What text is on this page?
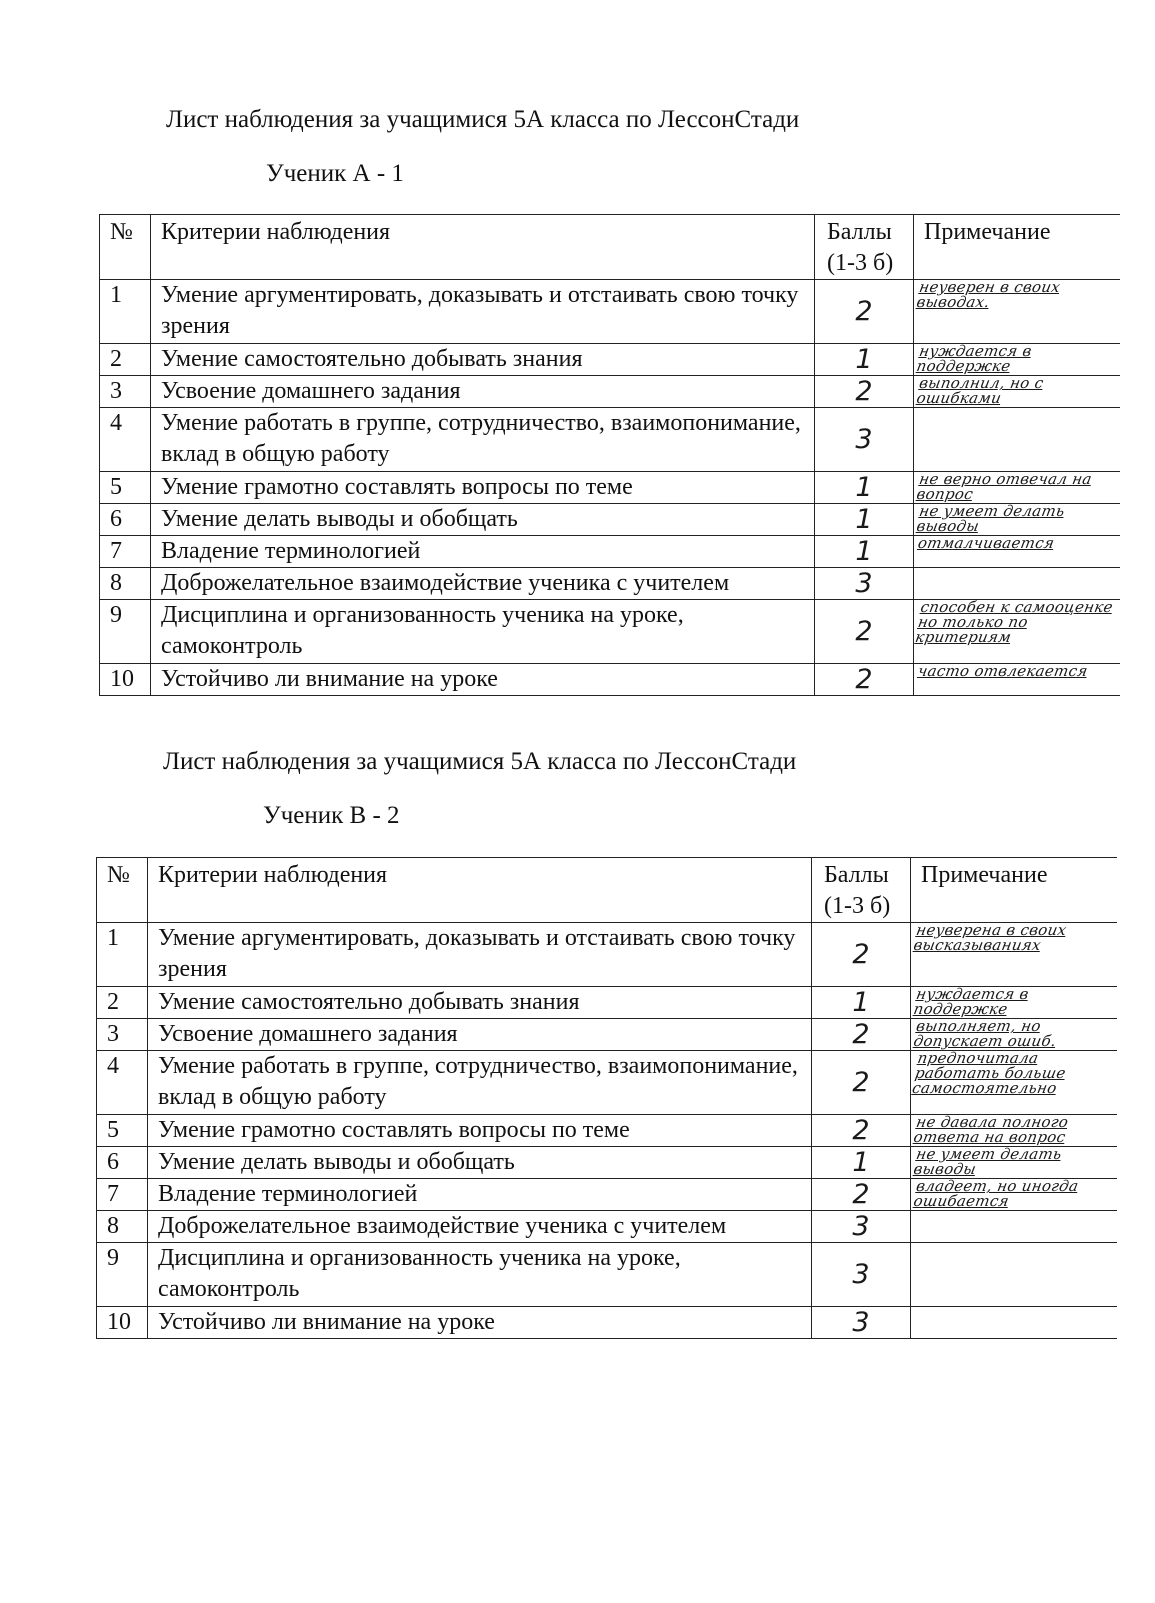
Лист наблюдения за учащимися 5А класса по ЛессонСтади
Ученик А - 1
№	Критерии наблюдения	Баллы (1-3 б)	Примечание
1	Умение аргументировать, доказывать и отстаивать свою точку зрения	2	неуверен в своих выводах.

2	Умение самостоятельно добывать знания	1	нуждается в поддержке

3	Усвоение домашнего задания	2	выполнил, но с ошибками

4	Умение работать в группе, сотрудничество, взаимопонимание, вклад в общую работу	3	

5	Умение грамотно составлять вопросы по теме	1	не верно отвечал на вопрос

6	Умение делать выводы и обобщать	1	не умеет делать выводы

7	Владение терминологией	1	отмалчивается

8	Доброжелательное взаимодействие ученика с учителем	3	

9	Дисциплина и организованность ученика на уроке, самоконтроль	2	способен к самооценке но только по критериям

10	Устойчиво ли внимание на уроке	2	часто отвлекается
Лист наблюдения за учащимися 5А класса по ЛессонСтади
Ученик В - 2
№	Критерии наблюдения	Баллы (1-3 б)	Примечание
1	Умение аргументировать, доказывать и отстаивать свою точку зрения	2	неуверена в своих высказываниях

2	Умение самостоятельно добывать знания	1	нуждается в поддержке

3	Усвоение домашнего задания	2	выполняет, но допускает ошиб.

4	Умение работать в группе, сотрудничество, взаимопонимание, вклад в общую работу	2	предпочитала работать больше самостоятельно

5	Умение грамотно составлять вопросы по теме	2	не давала полного ответа на вопрос

6	Умение делать выводы и обобщать	1	не умеет делать выводы

7	Владение терминологией	2	владеет, но иногда ошибается

8	Доброжелательное взаимодействие ученика с учителем	3	

9	Дисциплина и организованность ученика на уроке, самоконтроль	3	

10	Устойчиво ли внимание на уроке	3	
